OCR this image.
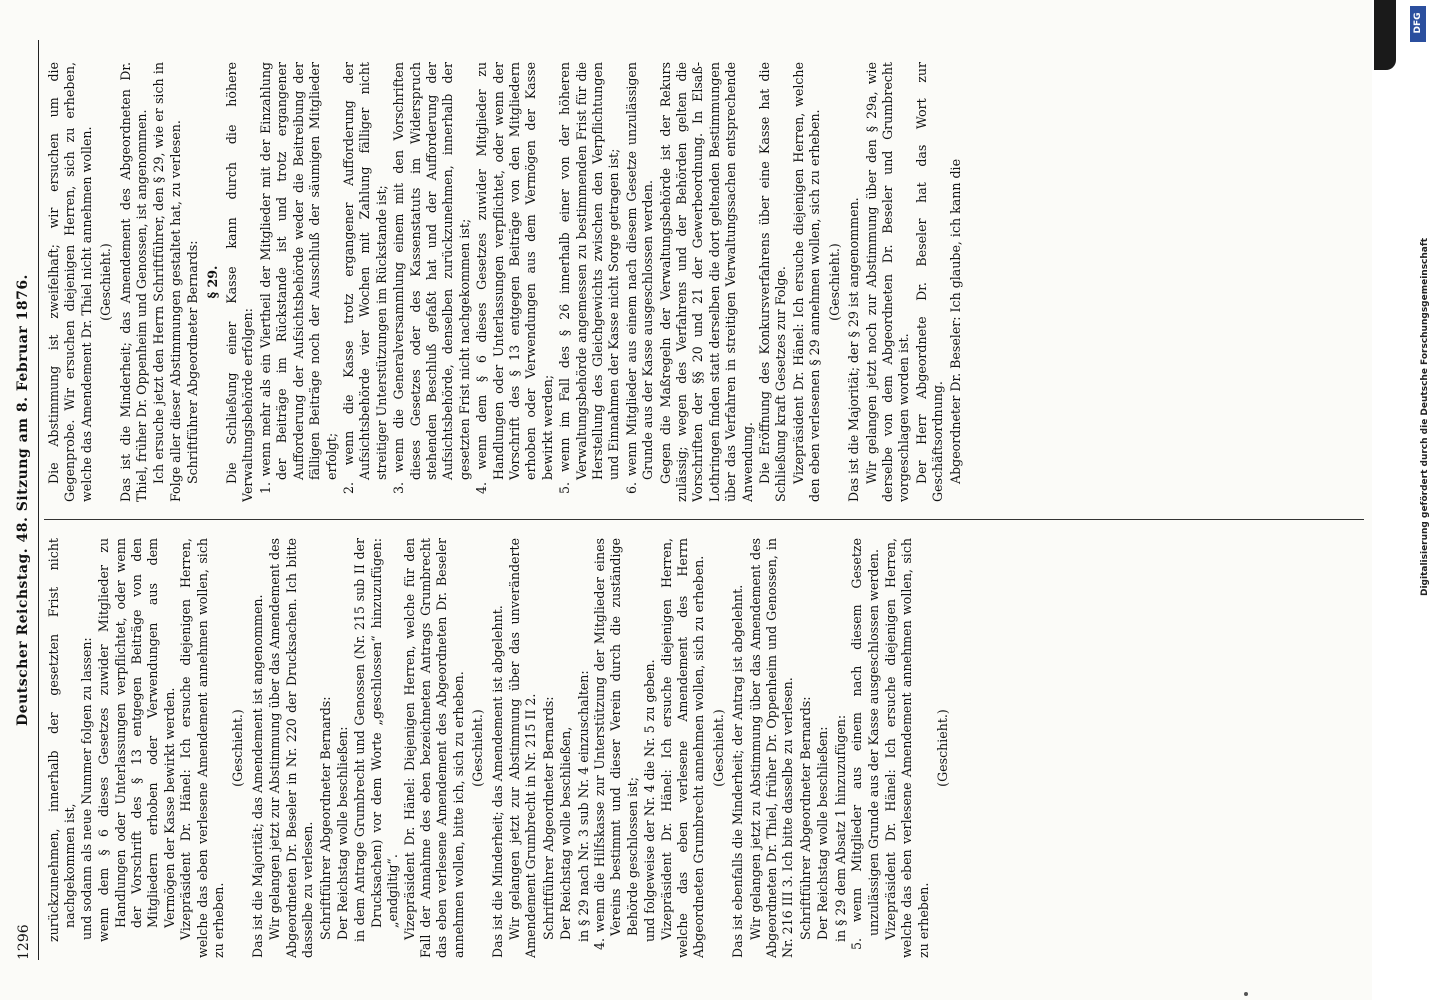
1296
Deutscher Reichstag. 48. Sitzung am 8. Februar 1876.

zurückzunehmen, innerhalb der gesetzten Frist nicht nachgekommen ist, und sodann als neue Nummer folgen zu lassen: wenn dem § 6 dieses Gesetzes zuwider Mitglieder zu Handlungen oder Unterlassungen verpflichtet, oder wenn der Vorschrift des § 13 entgegen Beiträge von den Mitgliedern erhoben oder Verwendungen aus dem Vermögen der Kasse bewirkt werden. Vizepräsident Dr. Hänel: Ich ersuche diejenigen Herren, welche das eben verlesene Amendement annehmen wollen, sich zu erheben.

(Geschieht.) Das ist die Majorität; das Amendement ist angenommen. Wir gelangen jetzt zur Abstimmung über das Amendement des Abgeordneten Dr. Beseler in Nr. 220 der Drucksachen. Ich bitte dasselbe zu verlesen. Schriftführer Abgeordneter Bernards: Der Reichstag wolle beschließen: in dem Antrage Grumbrecht und Genossen (Nr. 215 sub II der Drucksachen) vor dem Worte „geschlossen“ hinzuzufügen: „endgiltig“. Vizepräsident Dr. Hänel: Diejenigen Herren, welche für den Fall der Annahme des eben bezeichneten Antrags Grumbrecht das eben verlesene Amendement des Abgeordneten Dr. Beseler annehmen wollen, bitte ich, sich zu erheben. (Geschieht.) Das ist die Minderheit; das Amendement ist abgelehnt. Wir gelangen jetzt zur Abstimmung über das unveränderte Amendement Grumbrecht in Nr. 215 II 2. Schriftführer Abgeordneter Bernards: Der Reichstag wolle beschließen, in § 29 nach Nr. 3 sub Nr. 4 einzuschalten: 4. wenn die Hilfskasse zur Unterstützung der Mitglieder eines Vereins bestimmt und dieser Verein durch die zuständige Behörde geschlossen ist; und folgeweise der Nr. 4 die Nr. 5 zu geben. Vizepräsident Dr. Hänel: Ich ersuche diejenigen Herren, welche das eben verlesene Amendement des Herrn Abgeordneten Grumbrecht annehmen wollen, sich zu erheben. (Geschieht.) Das ist ebenfalls die Minderheit; der Antrag ist abgelehnt. Wir gelangen jetzt zu Abstimmung über das Amendement des Abgeordneten Dr. Thiel, früher Dr. Oppenheim und Genossen, in Nr. 216 III 3. Ich bitte dasselbe zu verlesen. Schriftführer Abgeordneter Bernards: Der Reichstag wolle beschließen: in § 29 dem Absatz 1 hinzuzufügen: 5. wenn Mitglieder aus einem nach diesem Gesetze unzulässigen Grunde aus der Kasse ausgeschlossen werden. Vizepräsident Dr. Hänel: Ich ersuche diejenigen Herren, welche das eben verlesene Amendement annehmen wollen, sich zu erheben.

(Geschieht.)

Die Abstimmung ist zweifelhaft; wir ersuchen um die Gegenprobe. Wir ersuchen diejenigen Herren, sich zu erheben, welche das Amendement Dr. Thiel nicht annehmen wollen. (Geschieht.) Das ist die Minderheit; das Amendement des Abgeordneten Dr. Thiel, früher Dr. Oppenheim und Genossen, ist angenommen. Ich ersuche jetzt den Herrn Schriftführer, den § 29, wie er sich in Folge aller dieser Abstimmungen gestaltet hat, zu verlesen. Schriftführer Abgeordneter Bernards: § 29. Die Schließung einer Kasse kann durch die höhere Verwaltungsbehörde erfolgen: 1. wenn mehr als ein Viertheil der Mitglieder mit der Einzahlung der Beiträge im Rückstande ist und trotz ergangener Aufforderung der Aufsichtsbehörde weder die Beitreibung der fälligen Beiträge noch der Ausschluß der säumigen Mitglieder erfolgt; 2. wenn die Kasse trotz ergangener Aufforderung der Aufsichtsbehörde vier Wochen mit Zahlung fälliger nicht streitiger Unterstützungen im Rückstande ist; 3. wenn die Generalversammlung einem mit den Vorschriften dieses Gesetzes oder des Kassenstatuts im Widerspruch stehenden Beschluß gefaßt hat und der Aufforderung der Aufsichtsbehörde, denselben zurückzunehmen, innerhalb der gesetzten Frist nicht nachgekommen ist; 4. wenn dem § 6 dieses Gesetzes zuwider Mitglieder zu Handlungen oder Unterlassungen verpflichtet, oder wenn der Vorschrift des § 13 entgegen Beiträge von den Mitgliedern erhoben oder Verwendungen aus dem Vermögen der Kasse bewirkt werden; 5. wenn im Fall des § 26 innerhalb einer von der höheren Verwaltungsbehörde angemessen zu bestimmenden Frist für die Herstellung des Gleichgewichts zwischen den Verpflichtungen und Einnahmen der Kasse nicht Sorge getragen ist; 6. wenn Mitglieder aus einem nach diesem Gesetze unzulässigen Grunde aus der Kasse ausgeschlossen werden. Gegen die Maßregeln der Verwaltungsbehörde ist der Rekurs zulässig; wegen des Verfahrens und der Behörden gelten die Vorschriften der §§ 20 und 21 der Gewerbeordnung. In Elsaß-Lothringen finden statt derselben die dort geltenden Bestimmungen über das Verfahren in streitigen Verwaltungssachen entsprechende Anwendung. Die Eröffnung des Konkursverfahrens über eine Kasse hat die Schließung kraft Gesetzes zur Folge. Vizepräsident Dr. Hänel: Ich ersuche diejenigen Herren, welche den eben verlesenen § 29 annehmen wollen, sich zu erheben. (Geschieht.) Das ist die Majorität; der § 29 ist angenommen. Wir gelangen jetzt noch zur Abstimmung über den § 29a, wie derselbe von dem Abgeordneten Dr. Beseler und Grumbrecht vorgeschlagen worden ist. Der Herr Abgeordnete Dr. Beseler hat das Wort zur Geschäftsordnung. Abgeordneter Dr. Beseler: Ich glaube, ich kann die

DFG
Digitalisierung gefördert durch die Deutsche Forschungsgemeinschaft
